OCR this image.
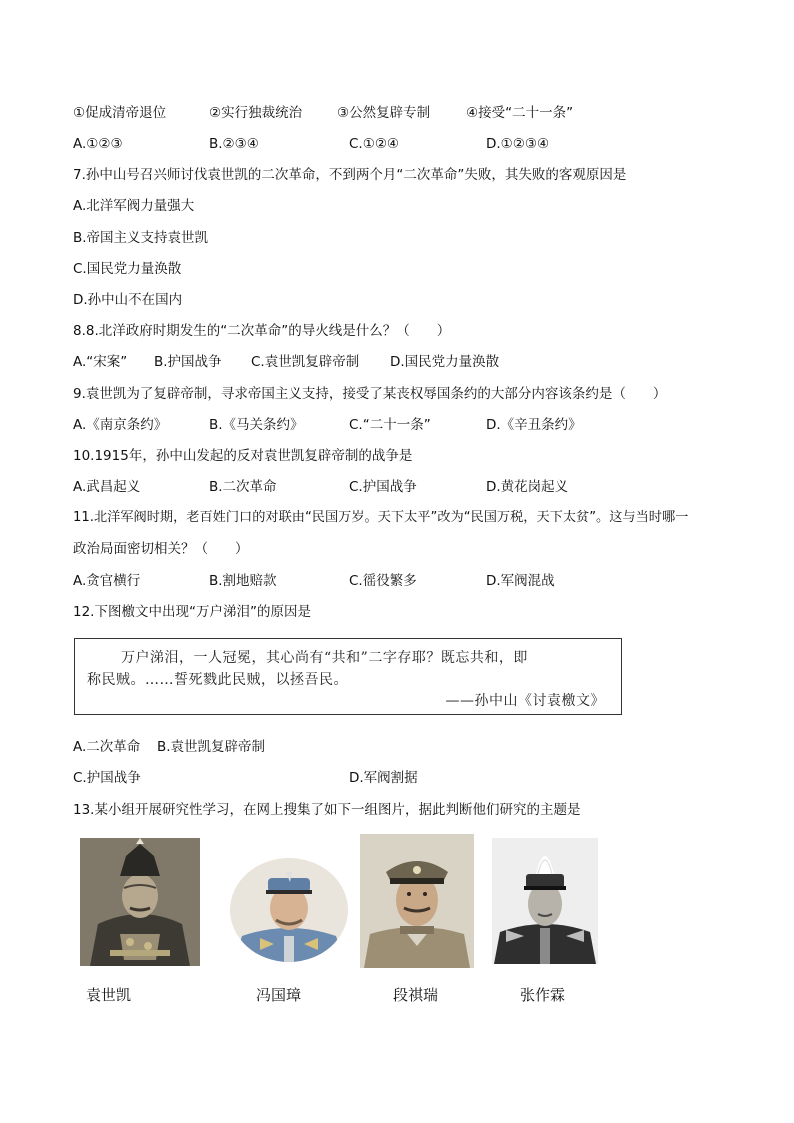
①促成清帝退位	②实行独裁统治	③公然复辟专制	④接受“二十一条”
A.①②③	B.②③④	C.①②④	D.①②③④
7.孙中山号召兴师讨伐袁世凯的二次革命，不到两个月“二次革命”失败，其失败的客观原因是
A.北洋军阀力量强大
B.帝国主义支持袁世凯
C.国民党力量涣散
D.孙中山不在国内
8.8.北洋政府时期发生的“二次革命”的导火线是什么？（　　）
A.“宋案” B.护国战争 C.袁世凯复辟帝制 D.国民党力量涣散
9.袁世凯为了复辟帝制，寻求帝国主义支持，接受了某丧权辱国条约的大部分内容该条约是（　　）
A.《南京条约》	B.《马关条约》	C.“二十一条”	D.《辛丑条约》
10.1915年，孙中山发起的反对袁世凯复辟帝制的战争是
A.武昌起义	B.二次革命	C.护国战争	D.黄花岗起义
11.北洋军阀时期，老百姓门口的对联由“民国万岁。天下太平”改为“民国万税，天下太贫”。这与当时哪一
政治局面密切相关？（　　）
A.贪官横行	B.割地赔款	C.徭役繁多	D.军阀混战
12.下图檄文中出现“万户涕泪”的原因是
万户涕泪，一人冠冕，其心尚有“共和”二字存耶？既忘共和，即
称民贼。……誓死戮此民贼，以拯吾民。
——孙中山《讨袁檄文》
A.二次革命 B.袁世凯复辟帝制
C.护国战争	D.军阀割据
13.某小组开展研究性学习，在网上搜集了如下一组图片，据此判断他们研究的主题是
袁世凯	冯国璋	段祺瑞	张作霖
